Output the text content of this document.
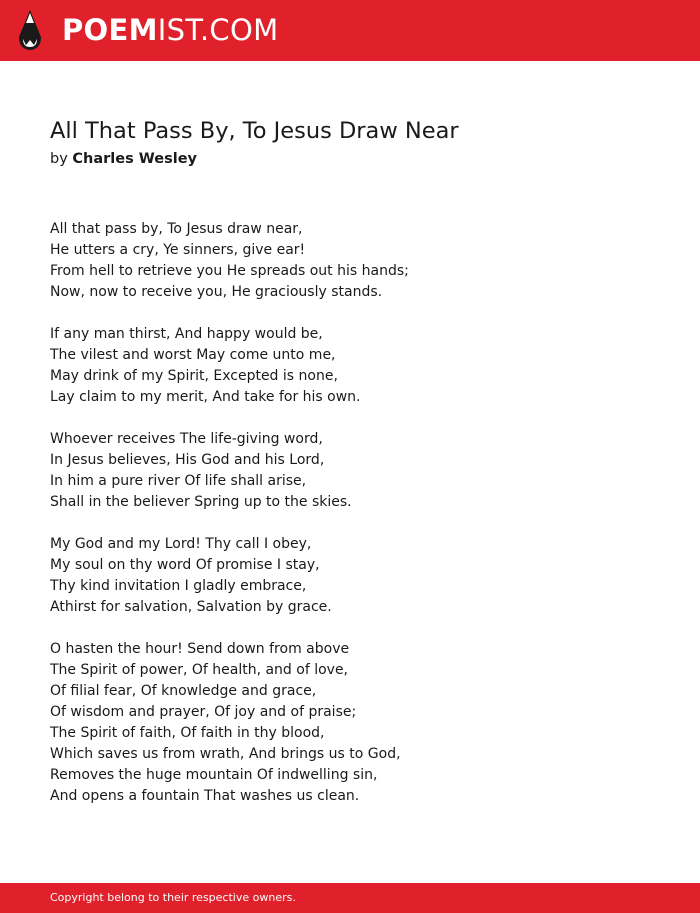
POEMIST.COM
All That Pass By, To Jesus Draw Near
by Charles Wesley
All that pass by, To Jesus draw near,
He utters a cry, Ye sinners, give ear!
From hell to retrieve you He spreads out his hands;
Now, now to receive you, He graciously stands.
If any man thirst, And happy would be,
The vilest and worst May come unto me,
May drink of my Spirit, Excepted is none,
Lay claim to my merit, And take for his own.
Whoever receives The life-giving word,
In Jesus believes, His God and his Lord,
In him a pure river Of life shall arise,
Shall in the believer Spring up to the skies.
My God and my Lord! Thy call I obey,
My soul on thy word Of promise I stay,
Thy kind invitation I gladly embrace,
Athirst for salvation, Salvation by grace.
O hasten the hour! Send down from above
The Spirit of power, Of health, and of love,
Of filial fear, Of knowledge and grace,
Of wisdom and prayer, Of joy and of praise;
The Spirit of faith, Of faith in thy blood,
Which saves us from wrath, And brings us to God,
Removes the huge mountain Of indwelling sin,
And opens a fountain That washes us clean.
Copyright belong to their respective owners.
